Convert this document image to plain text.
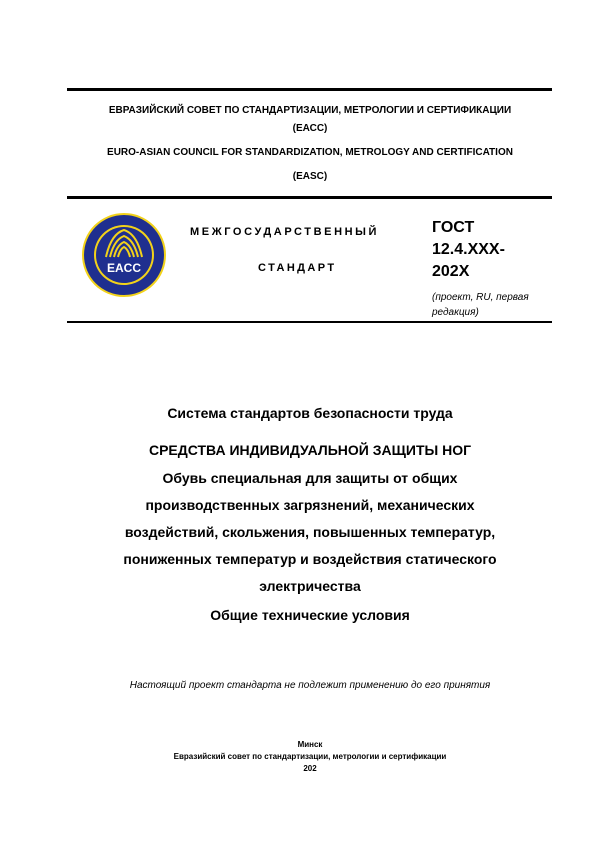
ЕВРАЗИЙСКИЙ СОВЕТ ПО СТАНДАРТИЗАЦИИ, МЕТРОЛОГИИ И СЕРТИФИКАЦИИ
(ЕАСС)
EURO-ASIAN COUNCIL FOR STANDARDIZATION, METROLOGY AND CERTIFICATION
(EASC)
EACC
МЕЖГОСУДАРСТВЕННЫЙ
СТАНДАРТ
ГОСТ
12.4.XXX-
202X
(проект, RU, первая
редакция)
Система стандартов безопасности труда
СРЕДСТВА ИНДИВИДУАЛЬНОЙ ЗАЩИТЫ НОГ
Обувь специальная для защиты от общих
производственных загрязнений, механических
воздействий, скольжения, повышенных температур,
пониженных температур и воздействия статического
электричества
Общие технические условия
Настоящий проект стандарта не подлежит применению до его принятия
Минск
Евразийский совет по стандартизации, метрологии и сертификации
202
